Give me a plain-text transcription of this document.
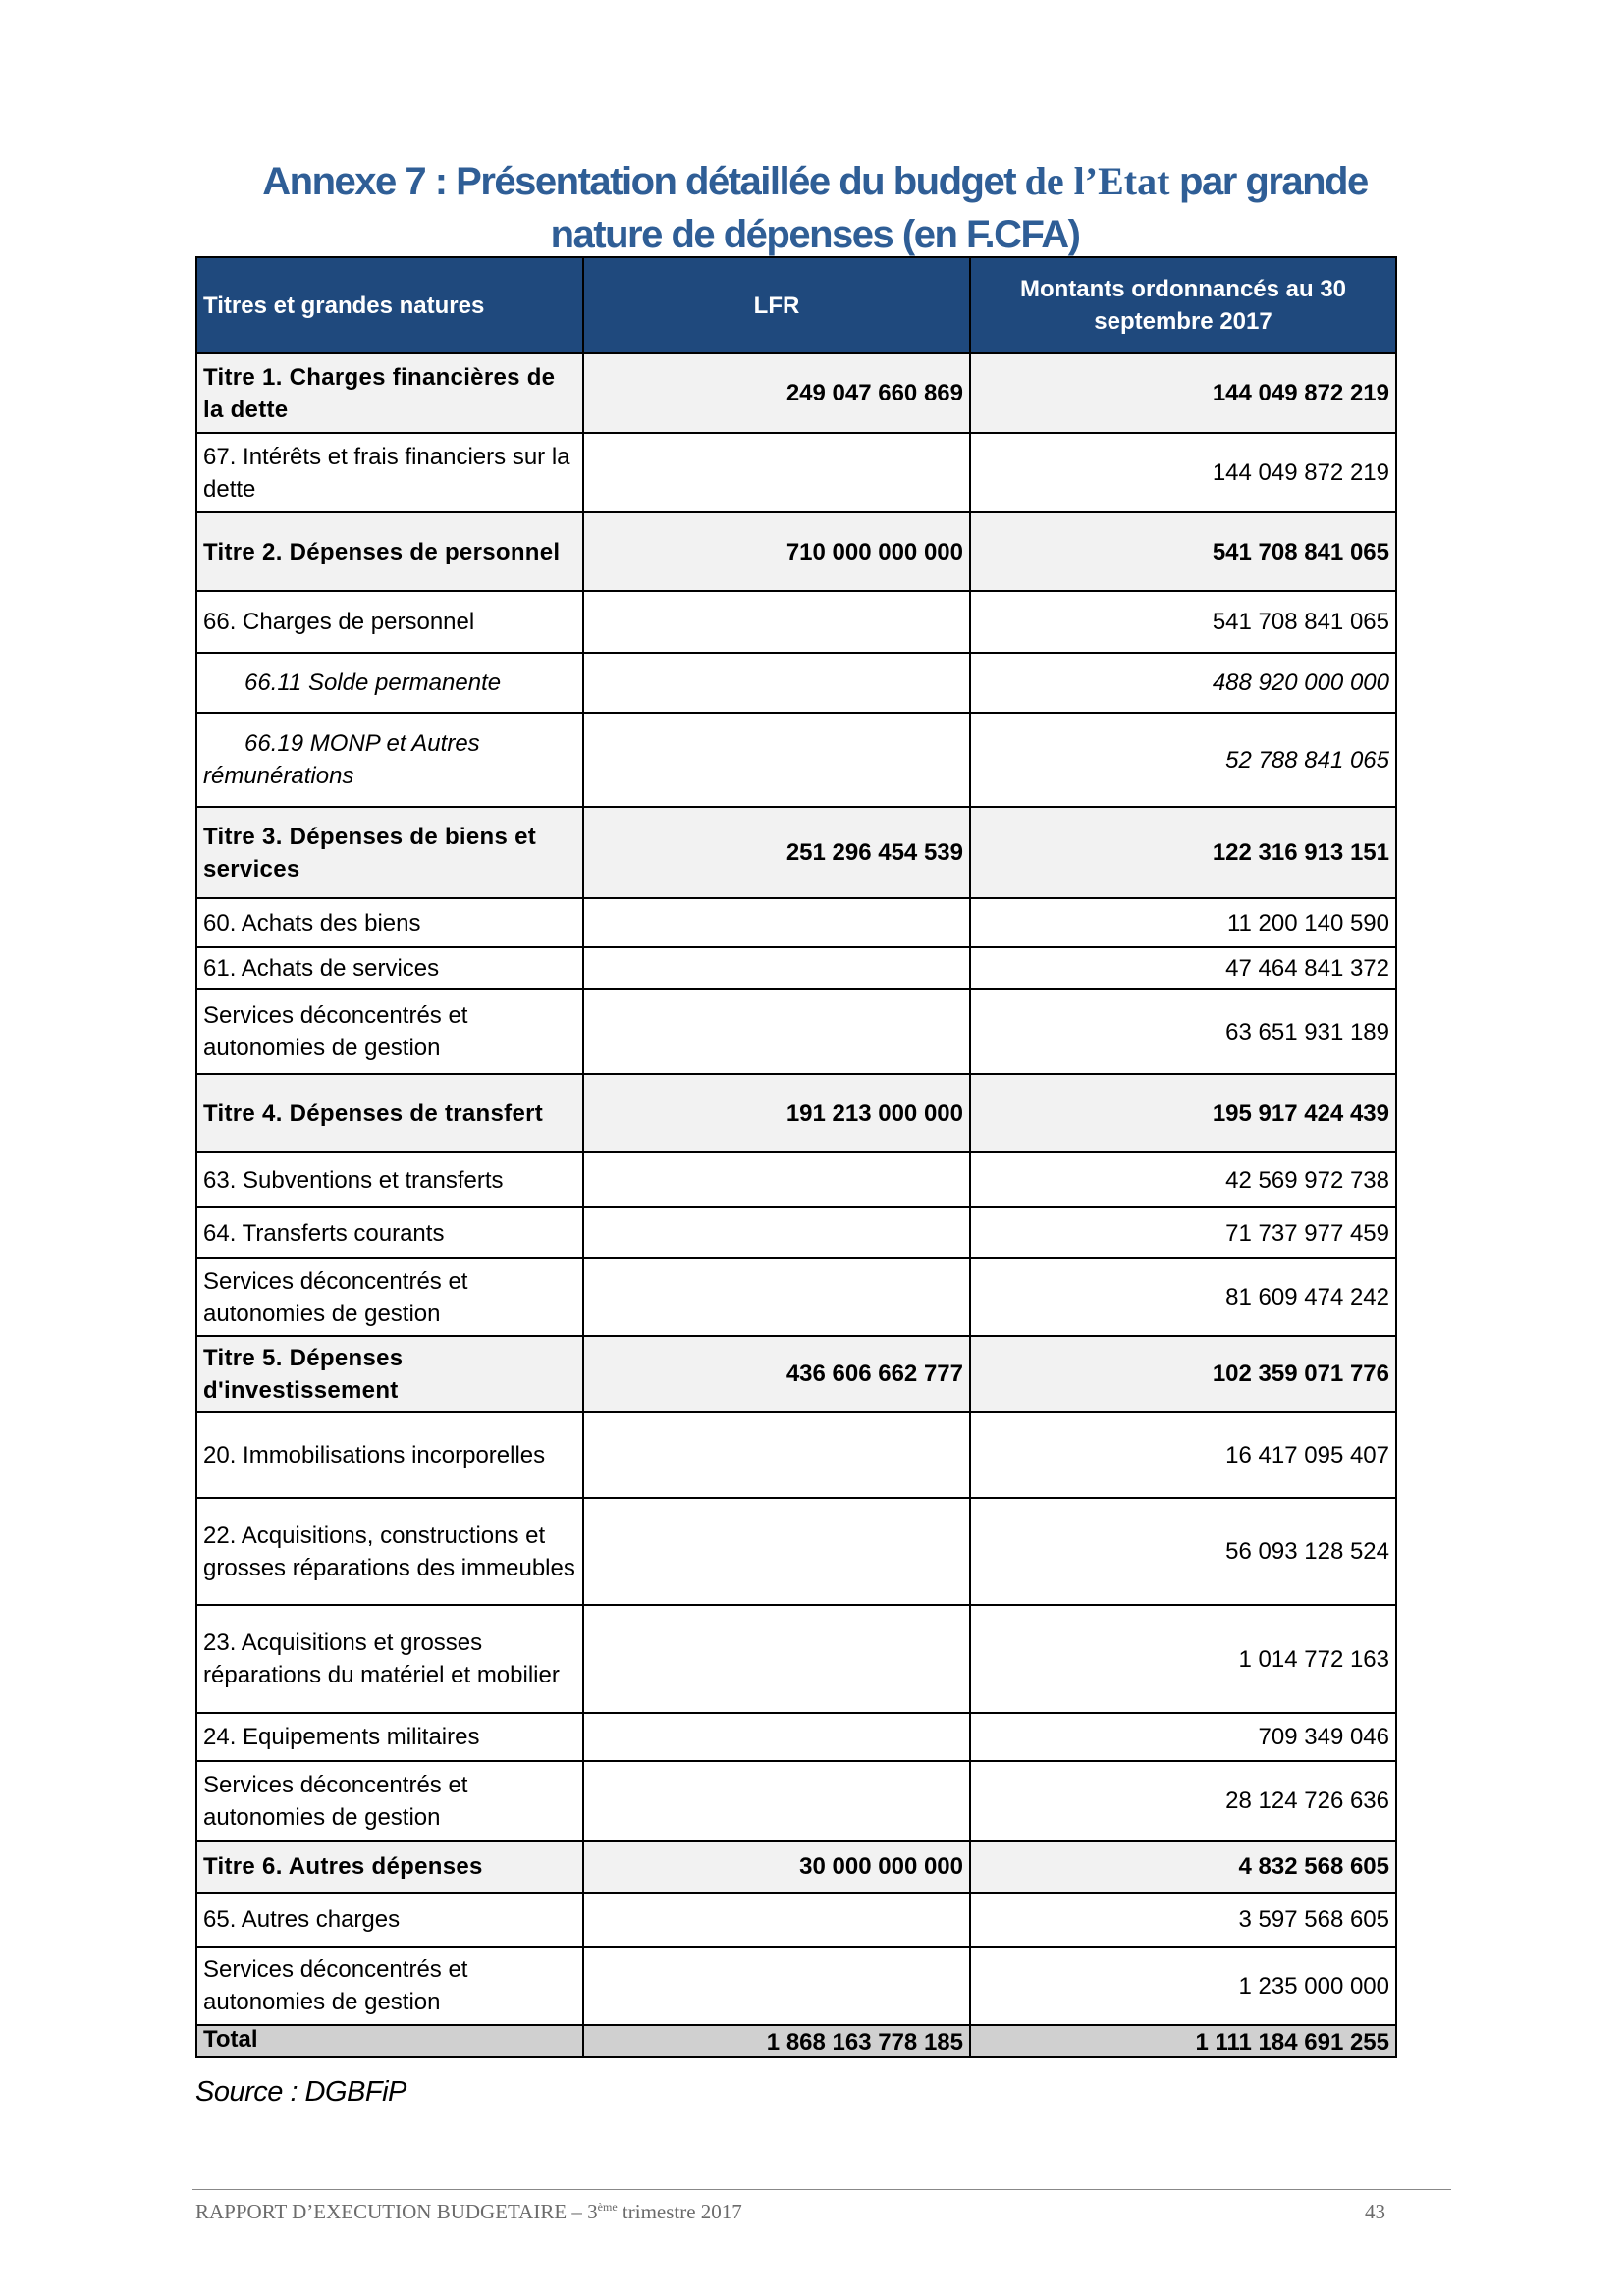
Annexe 7 : Présentation détaillée du budget de l’Etat par grande
nature de dépenses (en F.CFA)
Titres et grandes natures	LFR	Montants ordonnancés au 30 septembre 2017
Titre 1. Charges financières de la dette	249 047 660 869	144 049 872 219
67. Intérêts et frais financiers sur la dette		144 049 872 219
Titre 2. Dépenses de personnel	710 000 000 000	541 708 841 065
66. Charges de personnel		541 708 841 065
66.11 Solde permanente		488 920 000 000
66.19 MONP et Autres rémunérations		52 788 841 065
Titre 3. Dépenses de biens et services	251 296 454 539	122 316 913 151
60. Achats des biens		11 200 140 590
61. Achats de services		47 464 841 372
Services déconcentrés et autonomies de gestion		63 651 931 189
Titre 4. Dépenses de transfert	191 213 000 000	195 917 424 439
63. Subventions et transferts		42 569 972 738
64. Transferts courants		71 737 977 459
Services déconcentrés et autonomies de gestion		81 609 474 242
Titre 5. Dépenses d'investissement	436 606 662 777	102 359 071 776
20. Immobilisations incorporelles		16 417 095 407
22. Acquisitions, constructions et grosses réparations des immeubles		56 093 128 524
23. Acquisitions et grosses réparations du matériel et mobilier		1 014 772 163
24. Equipements militaires		709 349 046
Services déconcentrés et autonomies de gestion		28 124 726 636
Titre 6. Autres dépenses	30 000 000 000	4 832 568 605
65. Autres charges		3 597 568 605
Services déconcentrés et autonomies de gestion		1 235 000 000
Total	1 868 163 778 185	1 111 184 691 255
Source : DGBFiP
RAPPORT D’EXECUTION BUDGETAIRE – 3ème trimestre 2017	43
